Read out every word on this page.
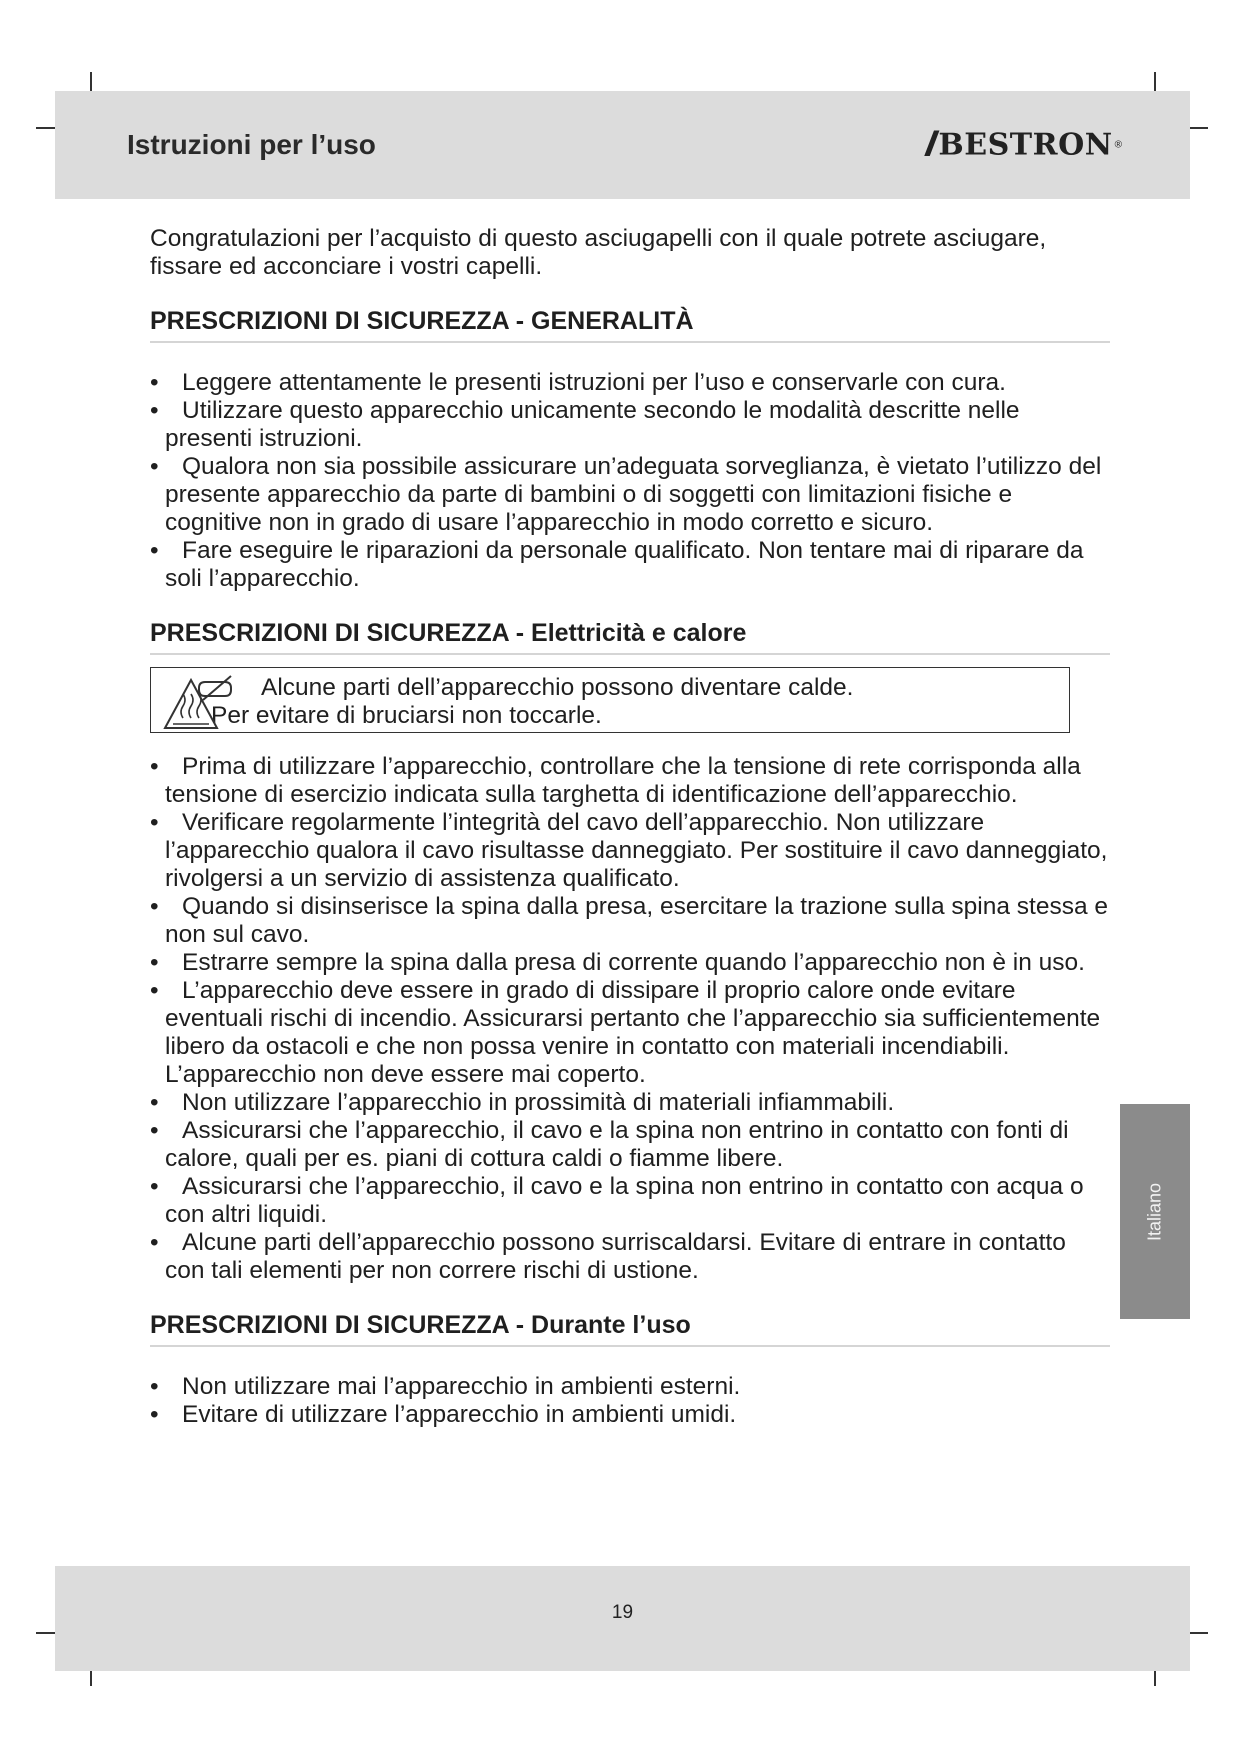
Istruzioni per l’uso	// BESTRON ®

Congratulazioni per l’acquisto di questo asciugapelli con il quale potrete asciugare, fissare ed acconciare i vostri capelli.

PRESCRIZIONI DI SICUREZZA - GENERALITÀ
• Leggere attentamente le presenti istruzioni per l’uso e conservarle con cura.
• Utilizzare questo apparecchio unicamente secondo le modalità descritte nelle presenti istruzioni.
• Qualora non sia possibile assicurare un’adeguata sorveglianza, è vietato l’utilizzo del presente apparecchio da parte di bambini o di soggetti con limitazioni fisiche e cognitive non in grado di usare l’apparecchio in modo corretto e sicuro.
• Fare eseguire le riparazioni da personale qualificato. Non tentare mai di riparare da soli l’apparecchio.
PRESCRIZIONI DI SICUREZZA - Elettricità e calore
Alcune parti dell’apparecchio possono diventare calde.
Per evitare di bruciarsi non toccarle.
• Prima di utilizzare l’apparecchio, controllare che la tensione di rete corrisponda alla tensione di esercizio indicata sulla targhetta di identificazione dell’apparecchio.
• Verificare regolarmente l’integrità del cavo dell’apparecchio. Non utilizzare l’apparecchio qualora il cavo risultasse danneggiato. Per sostituire il cavo danneggiato, rivolgersi a un servizio di assistenza qualificato.
• Quando si disinserisce la spina dalla presa, esercitare la trazione sulla spina stessa e non sul cavo.
• Estrarre sempre la spina dalla presa di corrente quando l’apparecchio non è in uso.
• L’apparecchio deve essere in grado di dissipare il proprio calore onde evitare eventuali rischi di incendio. Assicurarsi pertanto che l’apparecchio sia sufficientemente libero da ostacoli e che non possa venire in contatto con materiali incendiabili. L’apparecchio non deve essere mai coperto.
• Non utilizzare l’apparecchio in prossimità di materiali infiammabili.
• Assicurarsi che l’apparecchio, il cavo e la spina non entrino in contatto con fonti di calore, quali per es. piani di cottura caldi o fiamme libere.
• Assicurarsi che l’apparecchio, il cavo e la spina non entrino in contatto con acqua o con altri liquidi.
• Alcune parti dell’apparecchio possono surriscaldarsi. Evitare di entrare in contatto con tali elementi per non correre rischi di ustione.
PRESCRIZIONI DI SICUREZZA - Durante l’uso
• Non utilizzare mai l’apparecchio in ambienti esterni.
• Evitare di utilizzare l’apparecchio in ambienti umidi.
Italiano
19
